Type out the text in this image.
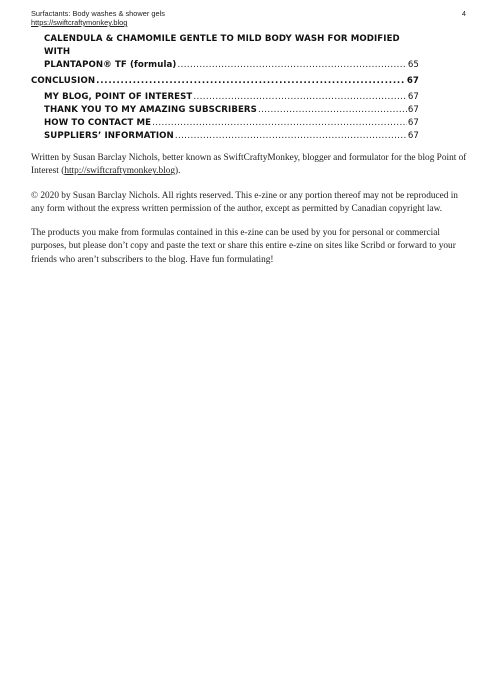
Surfactants: Body washes & shower gels
https://swiftcraftymonkey.blog
4
CALENDULA & CHAMOMILE GENTLE TO MILD BODY WASH FOR MODIFIED WITH
PLANTAPON® TF (formula) .....	65
CONCLUSION .....	67
MY BLOG, POINT OF INTEREST .....	67
THANK YOU TO MY AMAZING SUBSCRIBERS .....	67
HOW TO CONTACT ME .....	67
SUPPLIERS’ INFORMATION .....	67

Written by Susan Barclay Nichols, better known as SwiftCraftyMonkey, blogger and formulator for the blog Point of Interest (http://swiftcraftymonkey.blog).

© 2020 by Susan Barclay Nichols. All rights reserved. This e-zine or any portion thereof may not be reproduced in any form without the express written permission of the author, except as permitted by Canadian copyright law.

The products you make from formulas contained in this e-zine can be used by you for personal or commercial purposes, but please don’t copy and paste the text or share this entire e-zine on sites like Scribd or forward to your friends who aren’t subscribers to the blog. Have fun formulating!
